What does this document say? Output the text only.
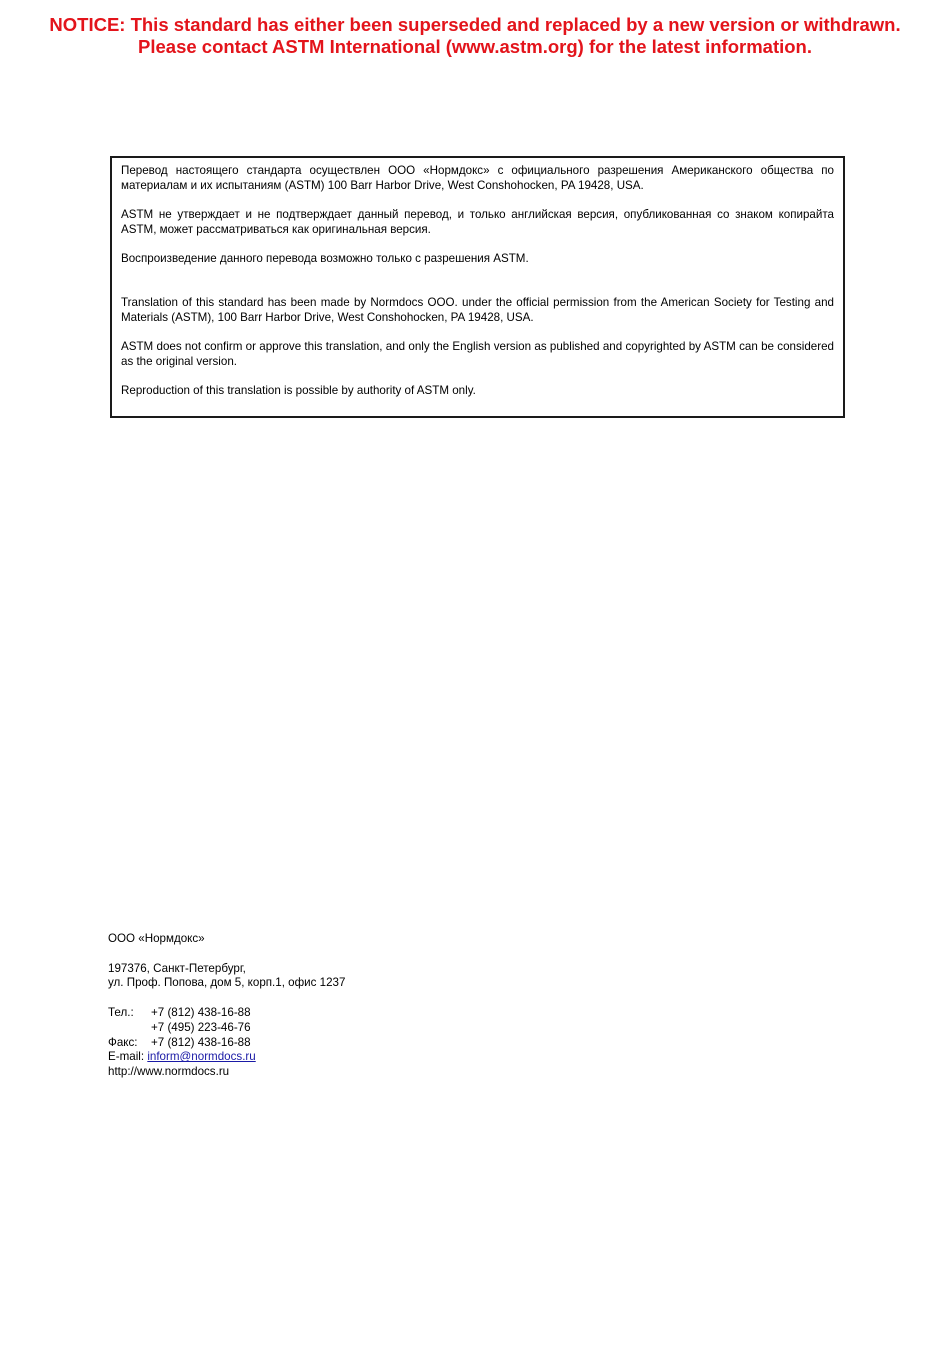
NOTICE: This standard has either been superseded and replaced by a new version or withdrawn.
Please contact ASTM International (www.astm.org) for the latest information.

Перевод настоящего стандарта осуществлен ООО «Нормдокс» с официального разрешения Американского общества по материалам и их испытаниям (ASTM) 100 Barr Harbor Drive, West Conshohocken, PA 19428, USA.

ASTM не утверждает и не подтверждает данный перевод, и только английская версия, опубликованная со знаком копирайта ASTM, может рассматриваться как оригинальная версия.

Воспроизведение данного перевода возможно только с разрешения ASTM.

Translation of this standard has been made by Normdocs OOO. under the official permission from the American Society for Testing and Materials (ASTM), 100 Barr Harbor Drive, West Conshohocken, PA 19428, USA.

ASTM does not confirm or approve this translation, and only the English version as published and copyrighted by ASTM can be considered as the original version.

Reproduction of this translation is possible by authority of ASTM only.

ООО «Нормдокс»
197376, Санкт-Петербург,
ул. Проф. Попова, дом 5, корп.1, офис 1237
Тел.: +7 (812) 438-16-88
+7 (495) 223-46-76
Факс: +7 (812) 438-16-88
E-mail: inform@normdocs.ru
http://www.normdocs.ru
